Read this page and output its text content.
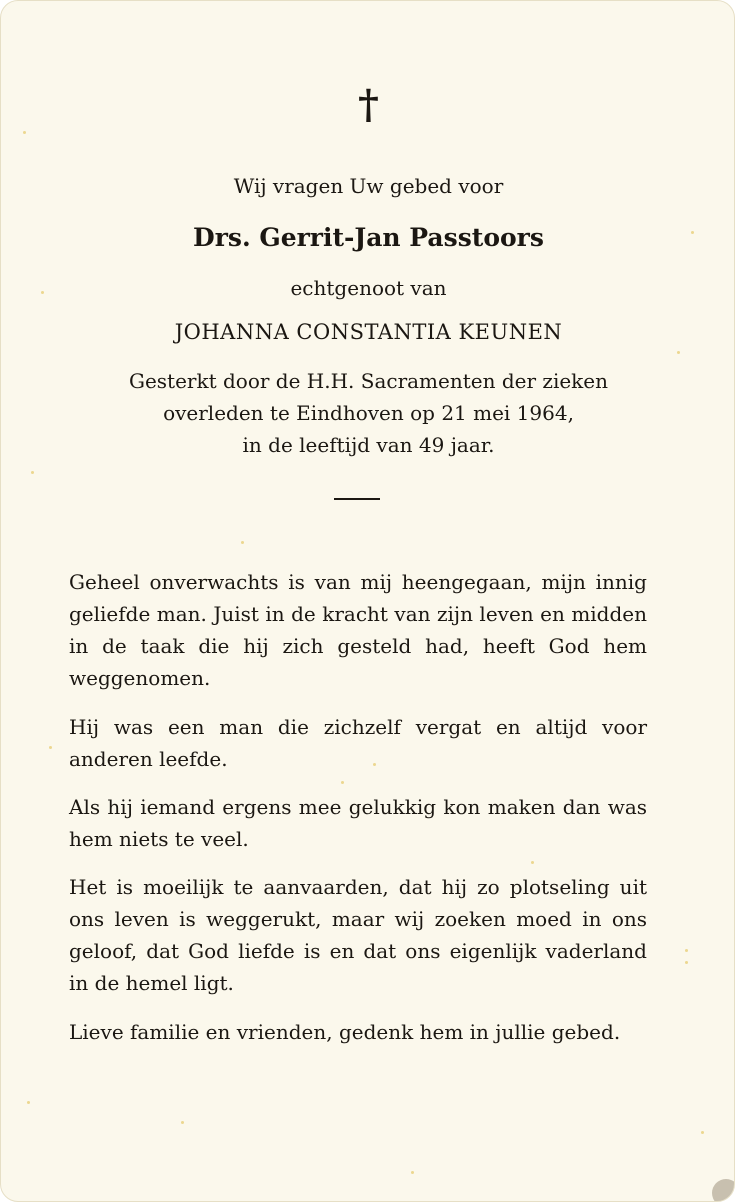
†
Wij vragen Uw gebed voor
Drs. Gerrit-Jan Passtoors
echtgenoot van
JOHANNA CONSTANTIA KEUNEN
Gesterkt door de H.H. Sacramenten der zieken
overleden te Eindhoven op 21 mei 1964,
in de leeftijd van 49 jaar.

Geheel onverwachts is van mij heengegaan, mijn innig geliefde man. Juist in de kracht van zijn leven en midden in de taak die hij zich gesteld had, heeft God hem weggenomen.

Hij was een man die zichzelf vergat en altijd voor anderen leefde.

Als hij iemand ergens mee gelukkig kon maken dan was hem niets te veel.

Het is moeilijk te aanvaarden, dat hij zo plotseling uit ons leven is weggerukt, maar wij zoeken moed in ons geloof, dat God liefde is en dat ons eigenlijk vaderland in de hemel ligt.

Lieve familie en vrienden, gedenk hem in jullie gebed.
